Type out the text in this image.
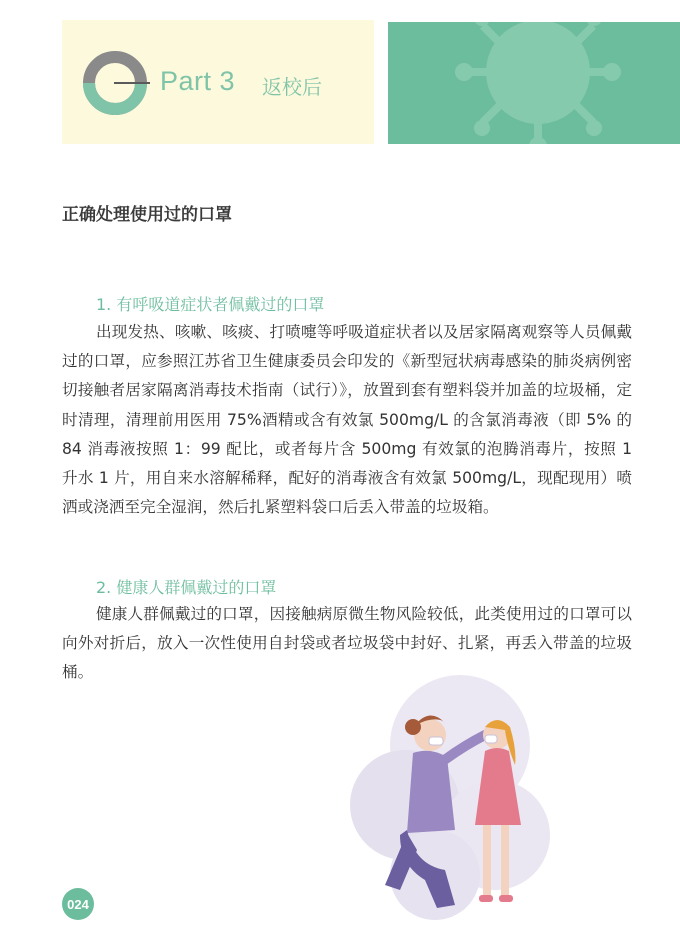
Part 3 返校后
正确处理使用过的口罩
1. 有呼吸道症状者佩戴过的口罩
出现发热、咳嗽、咳痰、打喷嚏等呼吸道症状者以及居家隔离观察等人员佩戴过的口罩，应参照江苏省卫生健康委员会印发的《新型冠状病毒感染的肺炎病例密切接触者居家隔离消毒技术指南（试行）》，放置到套有塑料袋并加盖的垃圾桶，定时清理，清理前用医用 75%酒精或含有效氯 500mg/L 的含氯消毒液（即 5% 的 84 消毒液按照 1：99 配比，或者每片含 500mg 有效氯的泡腾消毒片，按照 1 升水 1 片，用自来水溶解稀释，配好的消毒液含有效氯 500mg/L，现配现用）喷洒或浇洒至完全湿润，然后扎紧塑料袋口后丢入带盖的垃圾箱。
2. 健康人群佩戴过的口罩
健康人群佩戴过的口罩，因接触病原微生物风险较低，此类使用过的口罩可以向外对折后，放入一次性使用自封袋或者垃圾袋中封好、扎紧，再丢入带盖的垃圾桶。
024
